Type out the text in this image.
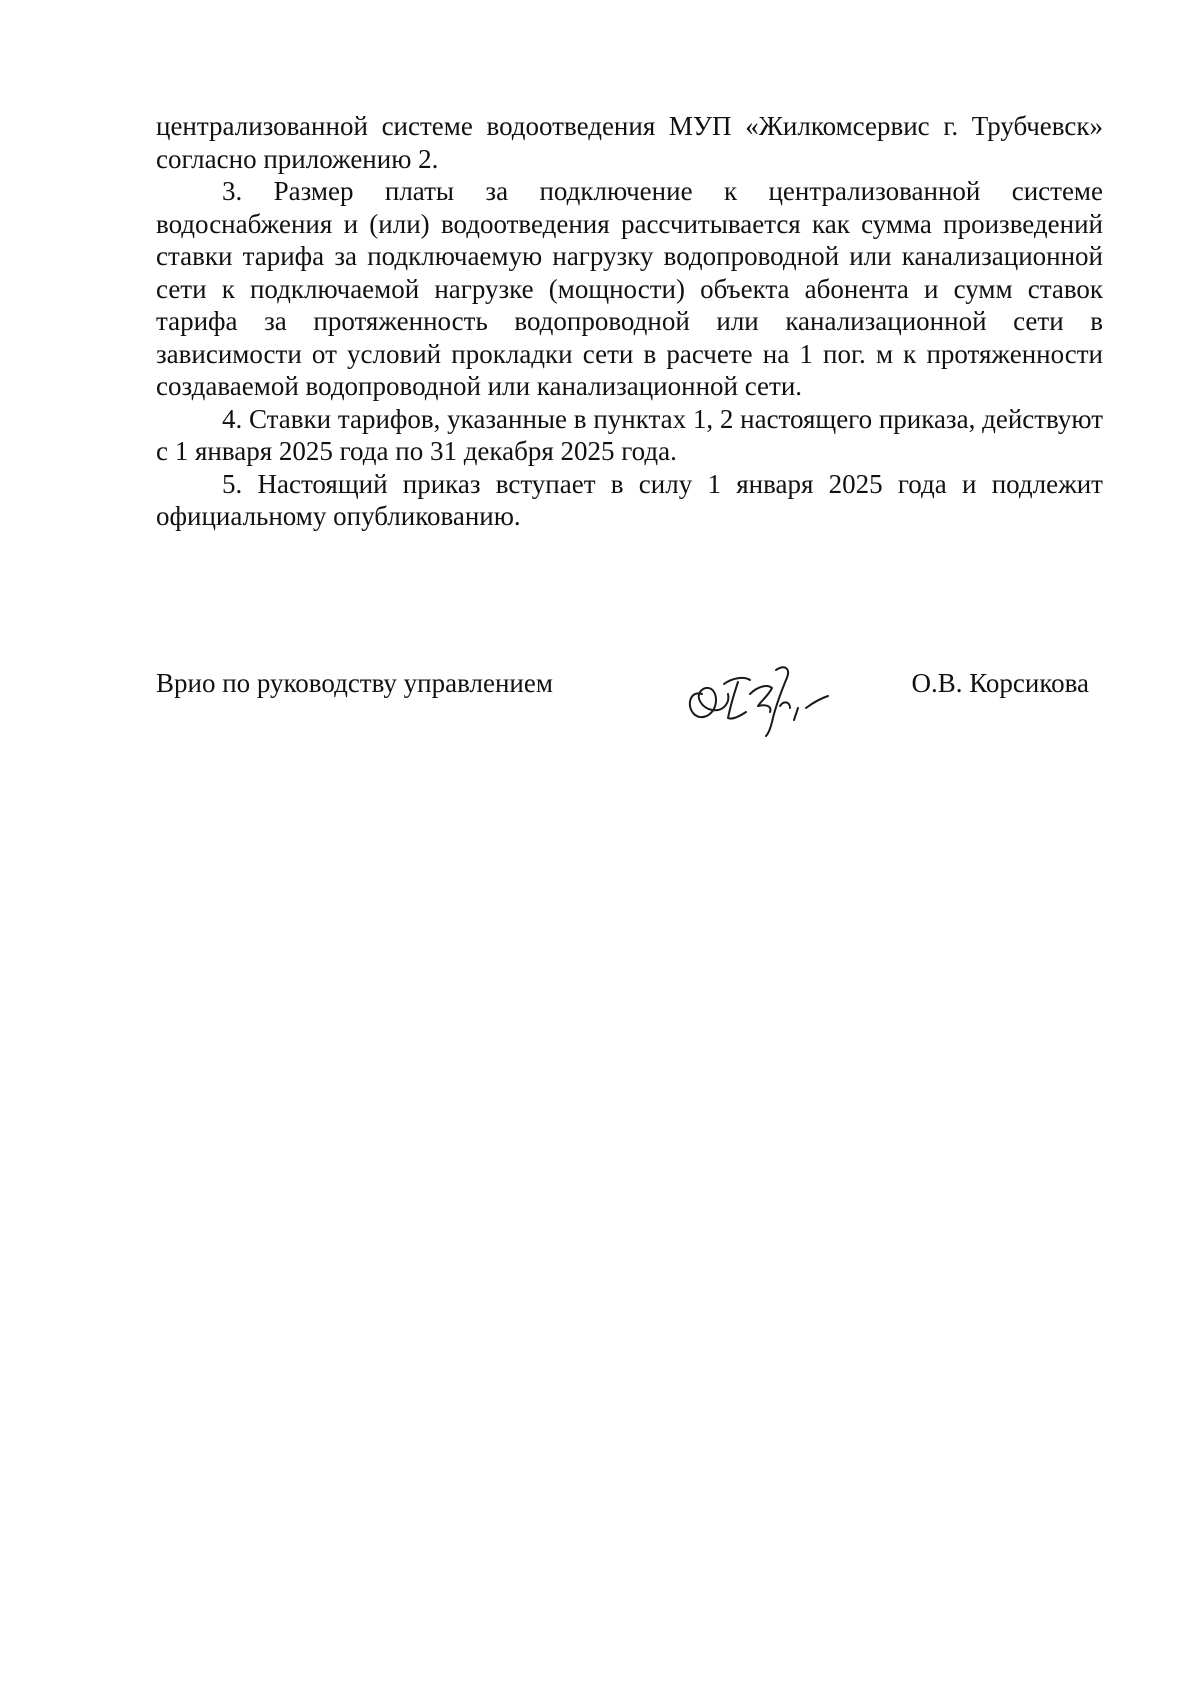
централизованной системе водоотведения МУП «Жилкомсервис г. Трубчевск» согласно приложению 2.

3. Размер платы за подключение к централизованной системе водоснабжения и (или) водоотведения рассчитывается как сумма произведений ставки тарифа за подключаемую нагрузку водопроводной или канализационной сети к подключаемой нагрузке (мощности) объекта абонента и сумм ставок тарифа за протяженность водопроводной или канализационной сети в зависимости от условий прокладки сети в расчете на 1 пог. м к протяженности создаваемой водопроводной или канализационной сети.

4. Ставки тарифов, указанные в пунктах 1, 2 настоящего приказа, действуют с 1 января 2025 года по 31 декабря 2025 года.

5. Настоящий приказ вступает в силу 1 января 2025 года и подлежит официальному опубликованию.

Врио по руководству управлением	О.В. Корсикова
